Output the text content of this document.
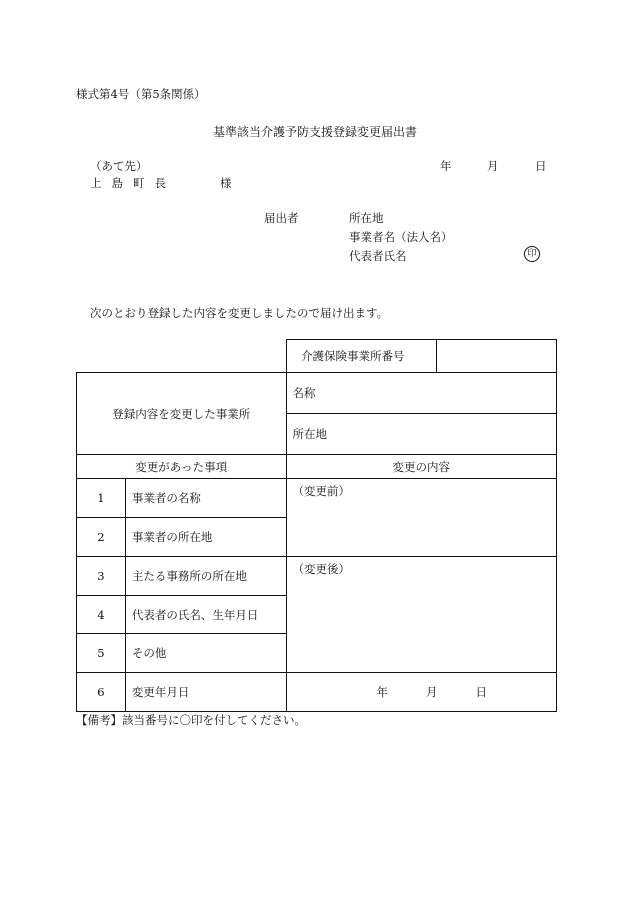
様式第4号（第5条関係）
基準該当介護予防支援登録変更届出書
（あて先）
上島町長	様
年	月	日
届出者	所在地
事業者名（法人名）
代表者氏名	印
次のとおり登録した内容を変更しましたので届け出ます。
介護保険事業所番号	
登録内容を変更した事業所		名称
		所在地
変更があった事項		変更の内容
1	事業者の名称	（変更前）
2	事業者の所在地	
3	主たる事務所の所在地	（変更後）
4	代表者の氏名、生年月日	
5	その他	
6	変更年月日	年 月 日
【備考】該当番号に〇印を付してください。
